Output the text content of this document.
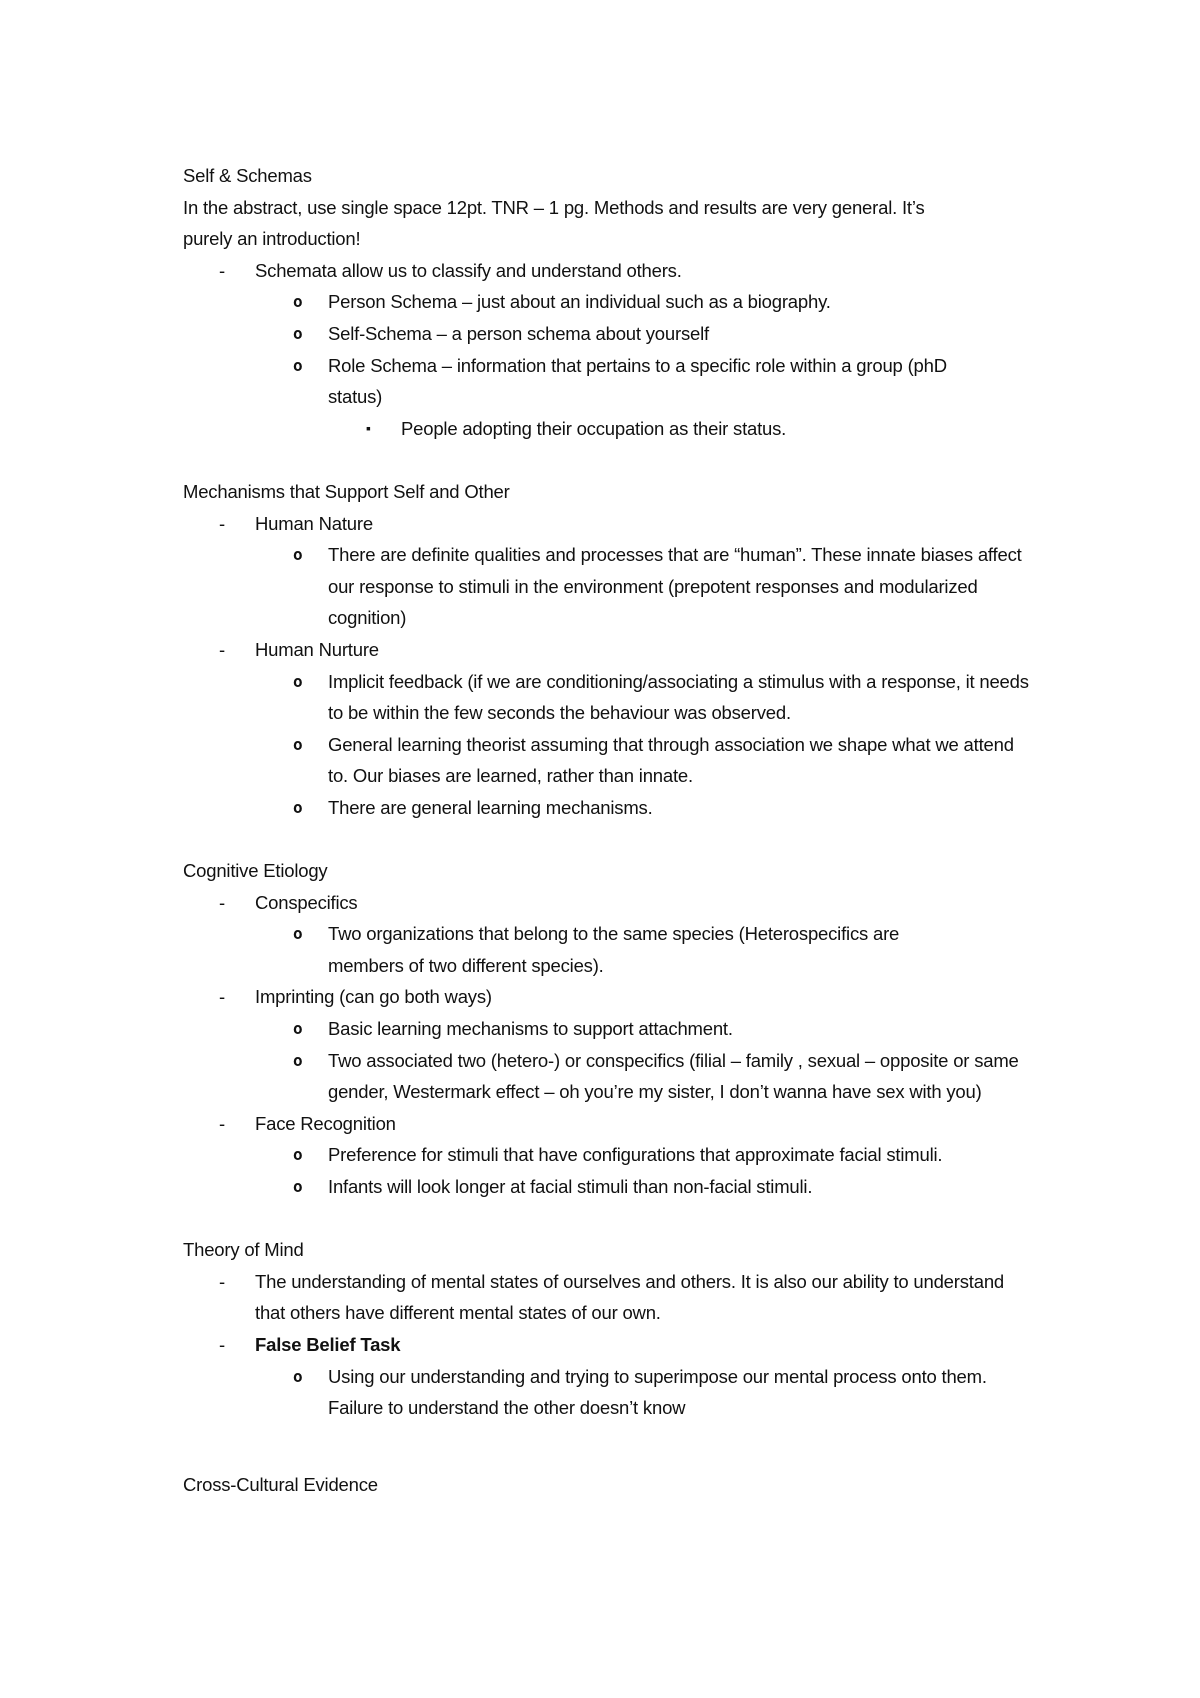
Self & Schemas

In the abstract, use single space 12pt. TNR – 1 pg. Methods and results are very general. It’s

purely an introduction!

- Schemata allow us to classify and understand others.
o Person Schema – just about an individual such as a biography.
o Self-Schema – a person schema about yourself
o Role Schema – information that pertains to a specific role within a group (phD status)
▪ People adopting their occupation as their status.

Mechanisms that Support Self and Other

- Human Nature
o There are definite qualities and processes that are “human”. These innate biases affect our response to stimuli in the environment (prepotent responses and modularized cognition)
- Human Nurture
o Implicit feedback (if we are conditioning/associating a stimulus with a response, it needs to be within the few seconds the behaviour was observed.
o General learning theorist assuming that through association we shape what we attend to. Our biases are learned, rather than innate.
o There are general learning mechanisms.

Cognitive Etiology

- Conspecifics
o Two organizations that belong to the same species (Heterospecifics are members of two different species).
- Imprinting (can go both ways)
o Basic learning mechanisms to support attachment.
o Two associated two (hetero-) or conspecifics (filial – family , sexual – opposite or same gender, Westermark effect – oh you’re my sister, I don’t wanna have sex with you)
- Face Recognition
o Preference for stimuli that have configurations that approximate facial stimuli.
o Infants will look longer at facial stimuli than non-facial stimuli.

Theory of Mind

- The understanding of mental states of ourselves and others. It is also our ability to understand that others have different mental states of our own.
- False Belief Task
o Using our understanding and trying to superimpose our mental process onto them. Failure to understand the other doesn’t know

Cross-Cultural Evidence
